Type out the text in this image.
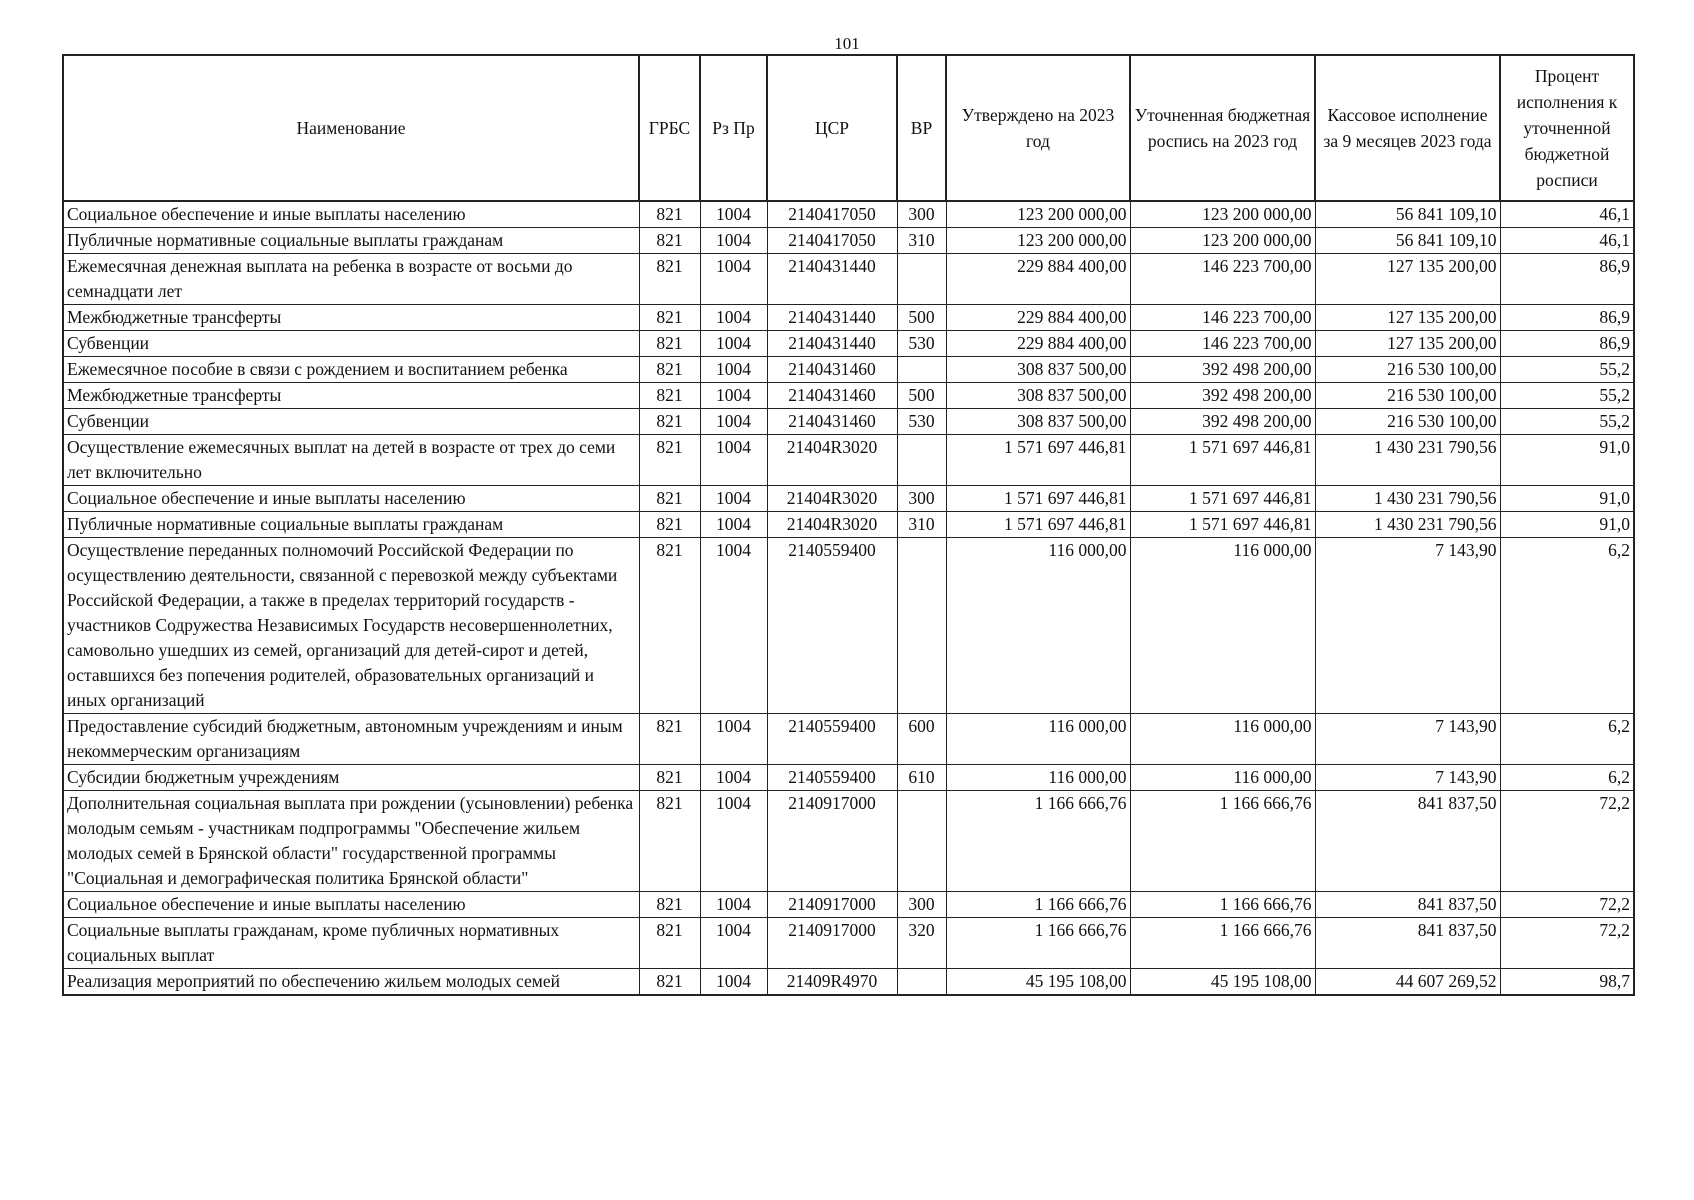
101
Наименование	ГРБС	Рз Пр	ЦСР	ВР	Утверждено на 2023 год	Уточненная бюджетная роспись на 2023 год	Кассовое исполнение за 9 месяцев 2023 года	Процент исполнения к уточненной бюджетной росписи
Социальное обеспечение и иные выплаты населению	821	1004	2140417050	300	123 200 000,00	123 200 000,00	56 841 109,10	46,1
Публичные нормативные социальные выплаты гражданам	821	1004	2140417050	310	123 200 000,00	123 200 000,00	56 841 109,10	46,1
Ежемесячная денежная выплата на ребенка в возрасте от восьми до семнадцати лет	821	1004	2140431440		229 884 400,00	146 223 700,00	127 135 200,00	86,9
Межбюджетные трансферты	821	1004	2140431440	500	229 884 400,00	146 223 700,00	127 135 200,00	86,9
Субвенции	821	1004	2140431440	530	229 884 400,00	146 223 700,00	127 135 200,00	86,9
Ежемесячное пособие в связи с рождением и воспитанием ребенка	821	1004	2140431460		308 837 500,00	392 498 200,00	216 530 100,00	55,2
Межбюджетные трансферты	821	1004	2140431460	500	308 837 500,00	392 498 200,00	216 530 100,00	55,2
Субвенции	821	1004	2140431460	530	308 837 500,00	392 498 200,00	216 530 100,00	55,2
Осуществление ежемесячных выплат на детей в возрасте от трех до семи лет включительно	821	1004	21404R3020		1 571 697 446,81	1 571 697 446,81	1 430 231 790,56	91,0
Социальное обеспечение и иные выплаты населению	821	1004	21404R3020	300	1 571 697 446,81	1 571 697 446,81	1 430 231 790,56	91,0
Публичные нормативные социальные выплаты гражданам	821	1004	21404R3020	310	1 571 697 446,81	1 571 697 446,81	1 430 231 790,56	91,0
Осуществление переданных полномочий Российской Федерации по осуществлению деятельности, связанной с перевозкой между субъектами Российской Федерации, а также в пределах территорий государств - участников Содружества Независимых Государств несовершеннолетних, самовольно ушедших из семей, организаций для детей-сирот и детей, оставшихся без попечения родителей, образовательных организаций и иных организаций	821	1004	2140559400		116 000,00	116 000,00	7 143,90	6,2
Предоставление субсидий бюджетным, автономным учреждениям и иным некоммерческим организациям	821	1004	2140559400	600	116 000,00	116 000,00	7 143,90	6,2
Субсидии бюджетным учреждениям	821	1004	2140559400	610	116 000,00	116 000,00	7 143,90	6,2
Дополнительная социальная выплата при рождении (усыновлении) ребенка молодым семьям - участникам подпрограммы "Обеспечение жильем молодых семей в Брянской области" государственной программы "Социальная и демографическая политика Брянской области"	821	1004	2140917000		1 166 666,76	1 166 666,76	841 837,50	72,2
Социальное обеспечение и иные выплаты населению	821	1004	2140917000	300	1 166 666,76	1 166 666,76	841 837,50	72,2
Социальные выплаты гражданам, кроме публичных нормативных социальных выплат	821	1004	2140917000	320	1 166 666,76	1 166 666,76	841 837,50	72,2
Реализация мероприятий по обеспечению жильем молодых семей	821	1004	21409R4970		45 195 108,00	45 195 108,00	44 607 269,52	98,7
